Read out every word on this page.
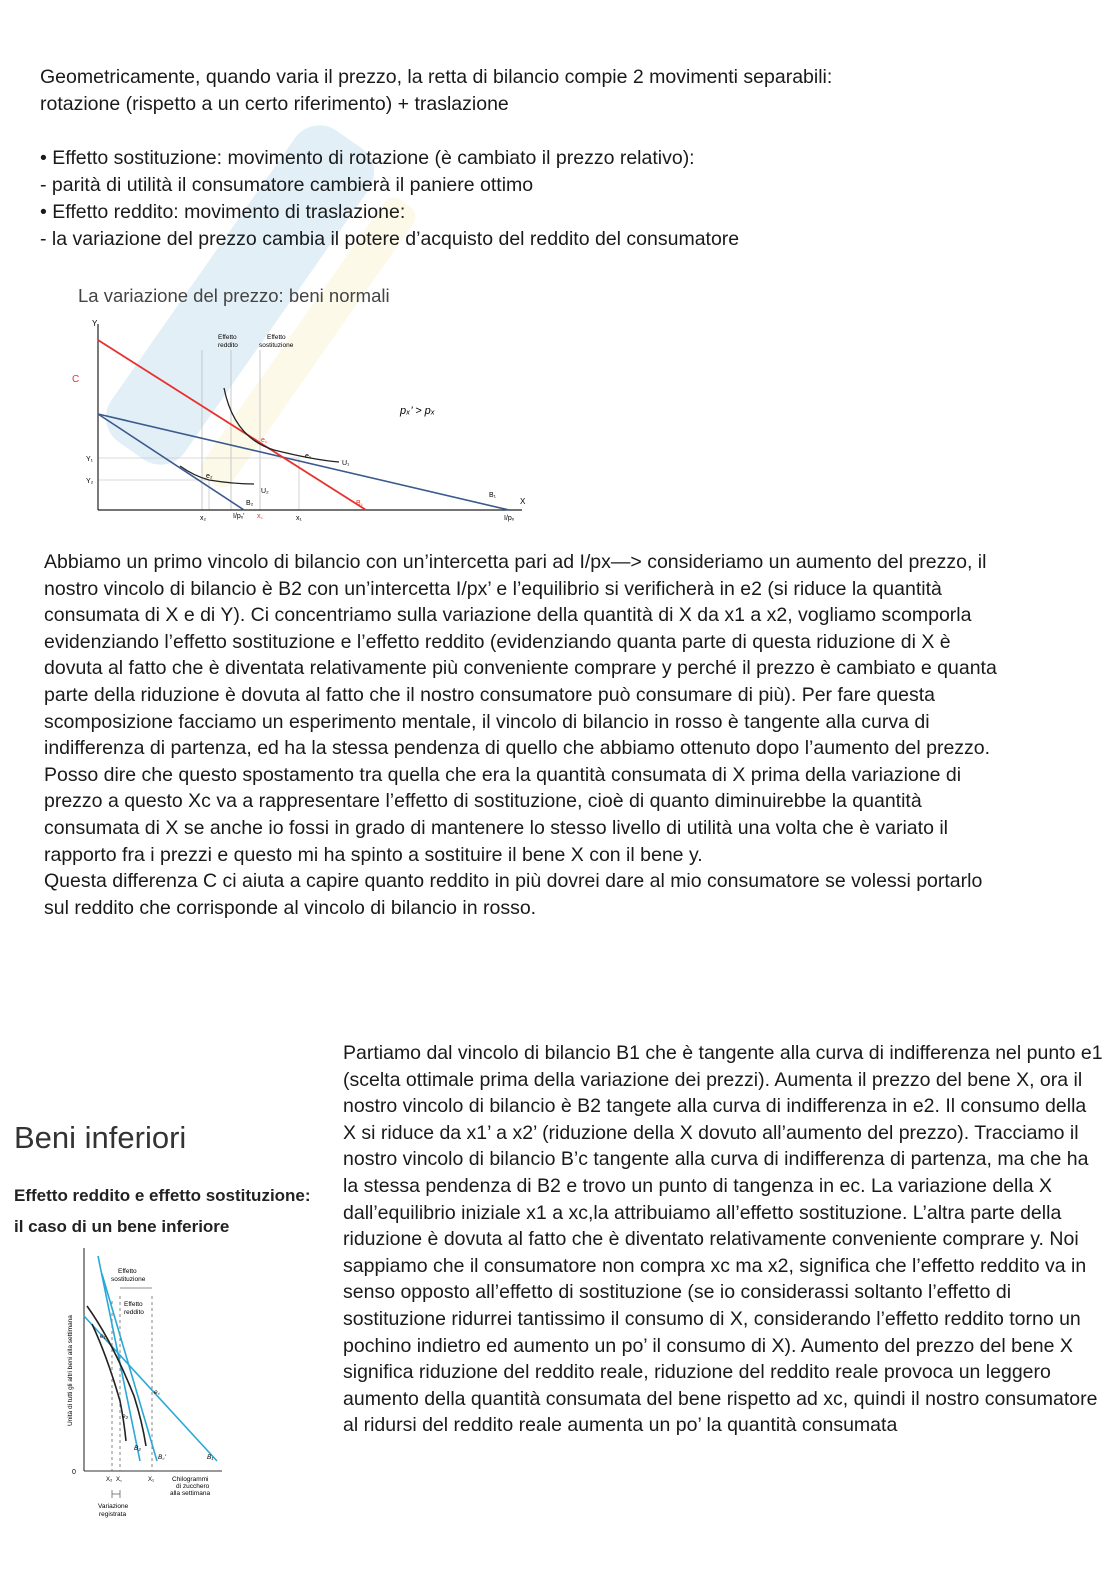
Geometricamente, quando varia il prezzo, la retta di bilancio compie 2 movimenti separabili:

rotazione (rispetto a un certo riferimento) + traslazione

• Effetto sostituzione: movimento di rotazione (è cambiato il prezzo relativo):

- parità di utilità il consumatore cambierà il paniere ottimo

• Effetto reddito: movimento di traslazione:

- la variazione del prezzo cambia il potere d’acquisto del reddito del consumatore

La variazione del prezzo: beni normali
Y
X
C
Y₁
Y₂
Effetto
reddito
Effetto
sostituzione
e꜀
e₁
e₂
U₁
U₂
B₁
B₂	B꜀
x₂	I/pₓ' x꜀	x₁	I/pₓ
pₓ’ > pₓ

Abbiamo un primo vincolo di bilancio con un’intercetta pari ad I/px—> consideriamo un aumento del prezzo, il nostro vincolo di bilancio è B2 con un’intercetta I/px’ e l’equilibrio si verificherà in e2 (si riduce la quantità consumata di X e di Y). Ci concentriamo sulla variazione della quantità di X da x1 a x2, vogliamo scomporla evidenziando l’effetto sostituzione e l’effetto reddito (evidenziando quanta parte di questa riduzione di X è dovuta al fatto che è diventata relativamente più conveniente comprare y perché il prezzo è cambiato e quanta parte della riduzione è dovuta al fatto che il nostro consumatore può consumare di più). Per fare questa scomposizione facciamo un esperimento mentale, il vincolo di bilancio in rosso è tangente alla curva di indifferenza di partenza, ed ha la stessa pendenza di quello che abbiamo ottenuto dopo l’aumento del prezzo.

Posso dire che questo spostamento tra quella che era la quantità consumata di X prima della variazione di prezzo a questo Xc va a rappresentare l’effetto di sostituzione, cioè di quanto diminuirebbe la quantità consumata di X se anche io fossi in grado di mantenere lo stesso livello di utilità una volta che è variato il rapporto fra i prezzi e questo mi ha spinto a sostituire il bene X con il bene y.

Questa differenza C ci aiuta a capire quanto reddito in più dovrei dare al mio consumatore se volessi portarlo sul reddito che corrisponde al vincolo di bilancio in rosso.

Beni inferiori
Effetto reddito e effetto sostituzione:
il caso di un bene inferiore
Unità di tutti gli altri beni alla settimana
Effetto
sostituzione
Effetto
reddito
0
e₁
e꜀
e₂
B₁
B꜀'
B₂
X₂ X꜀	X₁	Chilogrammi
di zucchero
alla settimana
Variazione
registrata

Partiamo dal vincolo di bilancio B1 che è tangente alla curva di indifferenza nel punto e1 (scelta ottimale prima della variazione dei prezzi). Aumenta il prezzo del bene X, ora il nostro vincolo di bilancio è B2 tangete alla curva di indifferenza in e2. Il consumo della X si riduce da x1’ a x2’ (riduzione della X dovuto all’aumento del prezzo). Tracciamo il nostro vincolo di bilancio B’c tangente alla curva di indifferenza di partenza, ma che ha la stessa pendenza di B2 e trovo un punto di tangenza in ec. La variazione della X dall’equilibrio iniziale x1 a xc,la attribuiamo all’effetto sostituzione. L’altra parte della riduzione è dovuta al fatto che è diventato relativamente conveniente comprare y. Noi sappiamo che il consumatore non compra xc ma x2, significa che l’effetto reddito va in senso opposto all’effetto di sostituzione (se io considerassi soltanto l’effetto di sostituzione ridurrei tantissimo il consumo di X, considerando l’effetto reddito torno un pochino indietro ed aumento un po’ il consumo di X). Aumento del prezzo del bene X significa riduzione del reddito reale, riduzione del reddito reale provoca un leggero aumento della quantità consumata del bene rispetto ad xc, quindi il nostro consumatore al ridursi del reddito reale aumenta un po’ la quantità consumata
